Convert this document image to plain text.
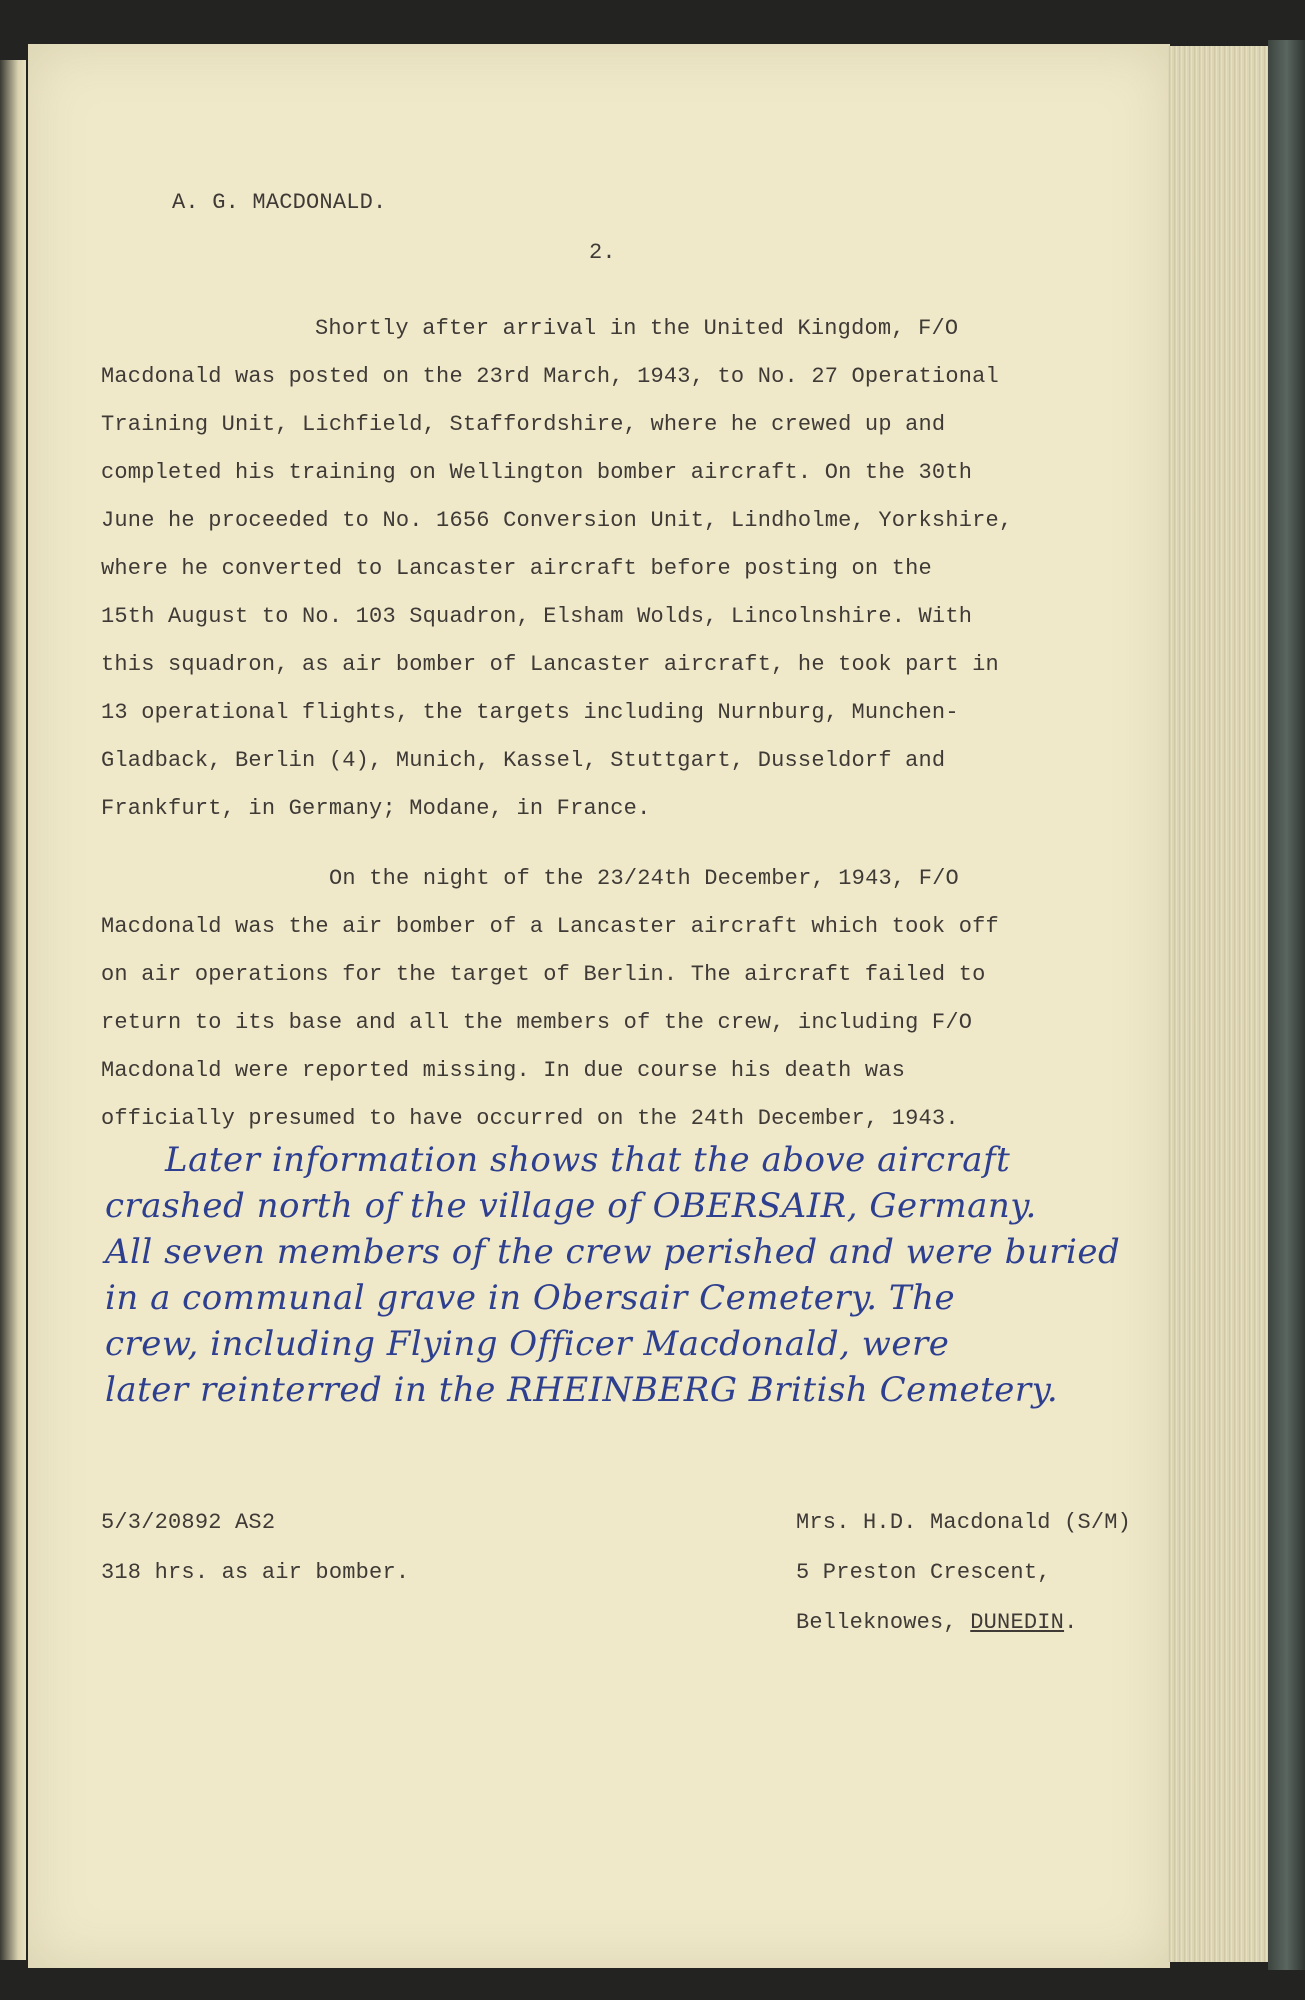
A. G. MACDONALD.
2.
Shortly after arrival in the United Kingdom, F/O
Macdonald was posted on the 23rd March, 1943, to No. 27 Operational
Training Unit, Lichfield, Staffordshire, where he crewed up and
completed his training on Wellington bomber aircraft. On the 30th
June he proceeded to No. 1656 Conversion Unit, Lindholme, Yorkshire,
where he converted to Lancaster aircraft before posting on the
15th August to No. 103 Squadron, Elsham Wolds, Lincolnshire. With
this squadron, as air bomber of Lancaster aircraft, he took part in
13 operational flights, the targets including Nurnburg, Munchen-
Gladback, Berlin (4), Munich, Kassel, Stuttgart, Dusseldorf and
Frankfurt, in Germany; Modane, in France.
On the night of the 23/24th December, 1943, F/O
Macdonald was the air bomber of a Lancaster aircraft which took off
on air operations for the target of Berlin. The aircraft failed to
return to its base and all the members of the crew, including F/O
Macdonald were reported missing. In due course his death was
officially presumed to have occurred on the 24th December, 1943.
Later information shows that the above aircraft
crashed north of the village of OBERSAIR, Germany.
All seven members of the crew perished and were buried
in a communal grave in Obersair Cemetery. The
crew, including Flying Officer Macdonald, were
later reinterred in the RHEINBERG British Cemetery.
5/3/20892 AS2
318 hrs. as air bomber.
Mrs. H.D. Macdonald (S/M)
5 Preston Crescent,
Belleknowes, DUNEDIN.
